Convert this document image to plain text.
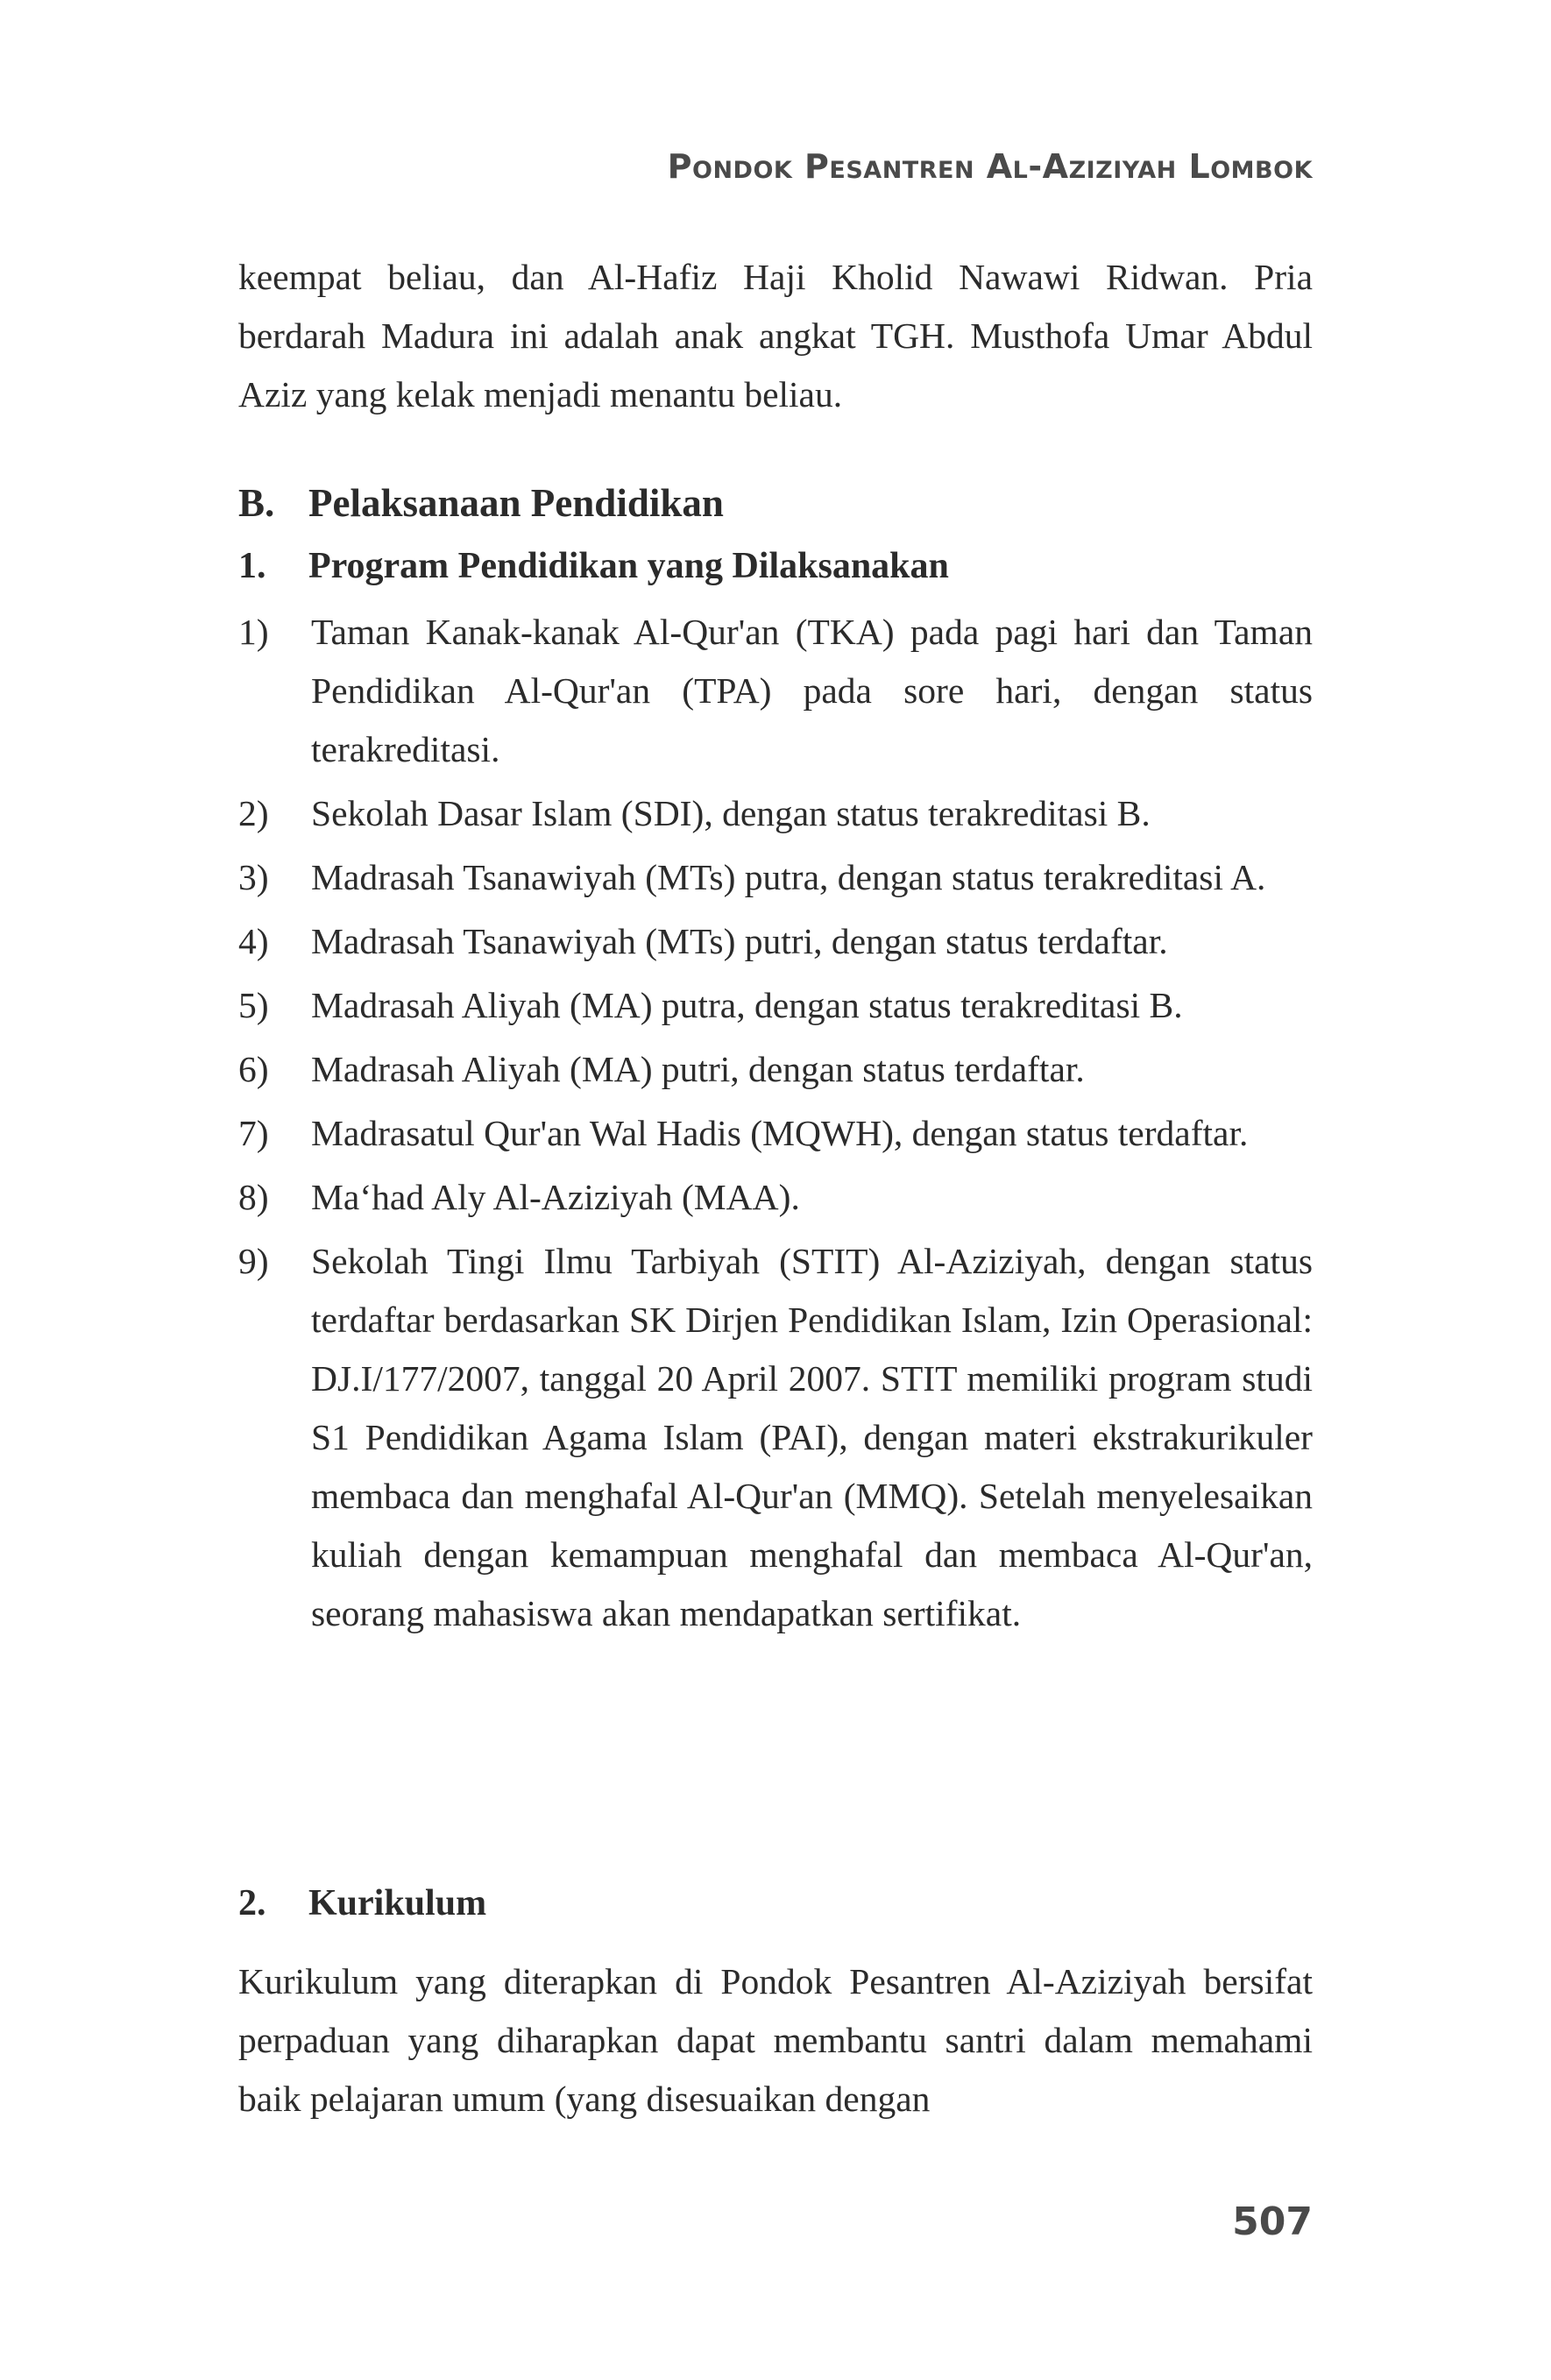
Pondok Pesantren Al-Aziziyah Lombok

keempat beliau, dan Al-Hafiz Haji Kholid Nawawi Ridwan. Pria berdarah Madura ini adalah anak angkat TGH. Musthofa Umar Abdul Aziz yang kelak menjadi menantu beliau.

B. Pelaksanaan Pendidikan
1. Program Pendidikan yang Dilaksanakan
1) Taman Kanak-kanak Al-Qur'an (TKA) pada pagi hari dan Taman Pendidikan Al-Qur'an (TPA) pada sore hari, dengan status terakreditasi.
2) Sekolah Dasar Islam (SDI), dengan status terakreditasi B.
3) Madrasah Tsanawiyah (MTs) putra, dengan status terakreditasi A.
4) Madrasah Tsanawiyah (MTs) putri, dengan status terdaftar.
5) Madrasah Aliyah (MA) putra, dengan status terakreditasi B.
6) Madrasah Aliyah (MA) putri, dengan status terdaftar.
7) Madrasatul Qur'an Wal Hadis (MQWH), dengan status terdaftar.
8) Ma‘had Aly Al-Aziziyah (MAA).
9) Sekolah Tingi Ilmu Tarbiyah (STIT) Al-Aziziyah, dengan status terdaftar berdasarkan SK Dirjen Pendidikan Islam, Izin Operasional: DJ.I/177/2007, tanggal 20 April 2007. STIT memiliki program studi S1 Pendidikan Agama Islam (PAI), dengan materi ekstrakurikuler membaca dan menghafal Al-Qur'an (MMQ). Setelah menyelesaikan kuliah dengan kemampuan menghafal dan membaca Al-Qur'an, seorang mahasiswa akan mendapatkan sertifikat.
2. Kurikulum

Kurikulum yang diterapkan di Pondok Pesantren Al-Aziziyah bersifat perpaduan yang diharapkan dapat membantu santri dalam memahami baik pelajaran umum (yang disesuaikan dengan

507
